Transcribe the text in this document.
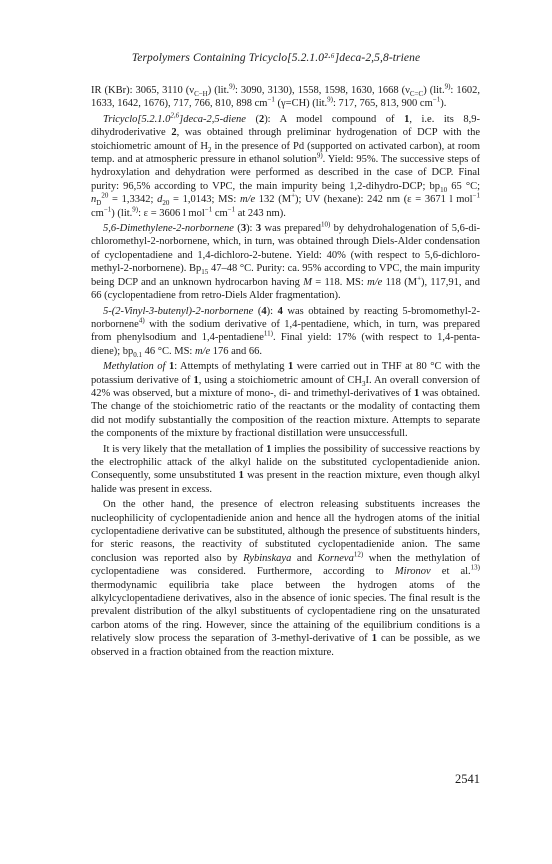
Terpolymers Containing Tricyclo[5.2.1.0²·⁶]deca-2,5,8-triene

IR (KBr): 3065, 3110 $(\nu_{C-H})$ (lit.$^{9)}$: 3090, 3130), 1558, 1598, 1630, 1668 $(\nu_{C=C})$ (lit.$^{9)}$: 1602, 1633, 1642, 1676), 717, 766, 810, 898 $cm^{-1}$ (γ=CH) (lit.$^{9)}$: 717, 765, 813, 900 $cm^{-1}$).

Tricyclo[5.2.1.0$^{2,6}$]deca-2,5-diene (2): A model compound of 1, i.e. its 8,9-dihydroderivative 2, was obtained through preliminar hydrogenation of DCP with the stoichiometric amount of $H_2$ in the presence of Pd (supported on activated carbon), at room temp. and at atmospheric pressure in ethanol solution$^{9)}$. Yield: 95%. The successive steps of hydroxylation and dehydration were performed as described in the case of DCP. Final purity: 96,5% according to VPC, the main impurity being 1,2-dihydro-DCP; $bp_{10}$ 65 °C; $n_D^{20} = 1,3342$; $d_{20} = 1,0143$; MS: m/e 132 (M+); UV (hexane): 242 nm (ε = 3671 l mol$^{-1}$ $cm^{-1}$) (lit.$^{9)}$: ε = 3606 l mol$^{-1}$ $cm^{-1}$ at 243 nm).

5,6-Dimethylene-2-norbornene (3): 3 was prepared$^{10)}$ by dehydrohalogenation of 5,6-di-chloromethyl-2-norbornene, which, in turn, was obtained through Diels-Alder condensation of cyclopentadiene and 1,4-dichloro-2-butene. Yield: 40% (with respect to 5,6-dichloro-methyl-2-norbornene). $Bp_{15}$ 47–48 °C. Purity: ca. 95% according to VPC, the main impurity being DCP and an unknown hydrocarbon having M = 118. MS: m/e 118 (M+), 117,91, and 66 (cyclopentadiene from retro-Diels Alder fragmentation).

5-(2-Vinyl-3-butenyl)-2-norbornene (4): 4 was obtained by reacting 5-bromomethyl-2-norbornene$^{4)}$ with the sodium derivative of 1,4-pentadiene, which, in turn, was prepared from phenylsodium and 1,4-pentadiene$^{11)}$. Final yield: 17% (with respect to 1,4-penta-diene); $bp_{0.1}$ 46 °C. MS: m/e 176 and 66.

Methylation of 1: Attempts of methylating 1 were carried out in THF at 80 °C with the potassium derivative of 1, using a stoichiometric amount of $CH_3I$. An overall conversion of 42% was observed, but a mixture of mono-, di- and trimethyl-derivatives of 1 was obtained. The change of the stoichiometric ratio of the reactants or the modality of contacting them did not modify substantially the composition of the reaction mixture. Attempts to separate the components of the mixture by fractional distillation were unsuccessfull.

It is very likely that the metallation of 1 implies the possibility of successive reactions by the electrophilic attack of the alkyl halide on the substituted cyclopentadienide anion. Consequently, some unsubstituted 1 was present in the reaction mixture, even though alkyl halide was present in excess.

On the other hand, the presence of electron releasing substituents increases the nucleophilicity of cyclopentadienide anion and hence all the hydrogen atoms of the initial cyclopentadiene derivative can be substituted, although the presence of substituents hinders, for steric reasons, the reactivity of substituted cyclopentadienide anion. The same conclusion was reported also by Rybinskaya and Korneva$^{12)}$ when the methylation of cyclopentadiene was considered. Furthermore, according to Mironov et al.$^{13)}$ thermodynamic equilibria take place between the hydrogen atoms of the alkylcyclopentadiene derivatives, also in the absence of ionic species. The final result is the prevalent distribution of the alkyl substituents of cyclopentadiene ring on the unsaturated carbon atoms of the ring. However, since the attaining of the equilibrium conditions is a relatively slow process the separation of 3-methyl-derivative of 1 can be possible, as we observed in a fraction obtained from the reaction mixture.

2541
